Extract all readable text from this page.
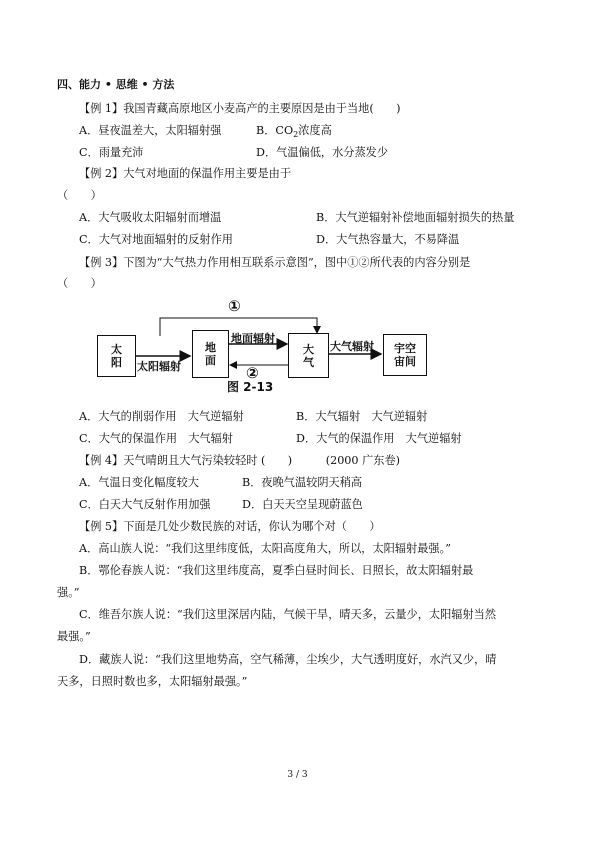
四、能力 • 思维 • 方法
【例 1】我国青藏高原地区小麦高产的主要原因是由于当地(　　)
A．昼夜温差大，太阳辐射强	B．$CO_2$浓度高
C．雨量充沛	D．气温偏低，水分蒸发少
【例 2】大气对地面的保温作用主要是由于
（　　）
A．大气吸收太阳辐射而增温	B．大气逆辐射补偿地面辐射损失的热量
C．大气对地面辐射的反射作用	D．大气热容量大，不易降温
【例 3】下图为“大气热力作用相互联系示意图”，图中①②所代表的内容分别是
（　　）
太
阳
地
面
大
气
宇空
宙间
①
太阳辐射
地面辐射
②
大气辐射
图 2-13
A．大气的削弱作用　大气逆辐射	B．大气辐射　大气逆辐射
C．大气的保温作用　大气辐射	D．大气的保温作用　大气逆辐射
【例 4】天气晴朗且大气污染较轻时 (　　)　　　(2000 广东卷)
A．气温日变化幅度较大	B．夜晚气温较阴天稍高
C．白天大气反射作用加强	D．白天天空呈现蔚蓝色
【例 5】下面是几处少数民族的对话，你认为哪个对（　　）
A．高山族人说：“我们这里纬度低，太阳高度角大，所以，太阳辐射最强。”
B．鄂伦春族人说：“我们这里纬度高，夏季白昼时间长、日照长，故太阳辐射最
强。”
C．维吾尔族人说：“我们这里深居内陆，气候干旱，晴天多，云量少，太阳辐射当然
最强。”
D．藏族人说：“我们这里地势高，空气稀薄，尘埃少，大气透明度好，水汽又少，晴
天多，日照时数也多，太阳辐射最强。”
3 / 3
